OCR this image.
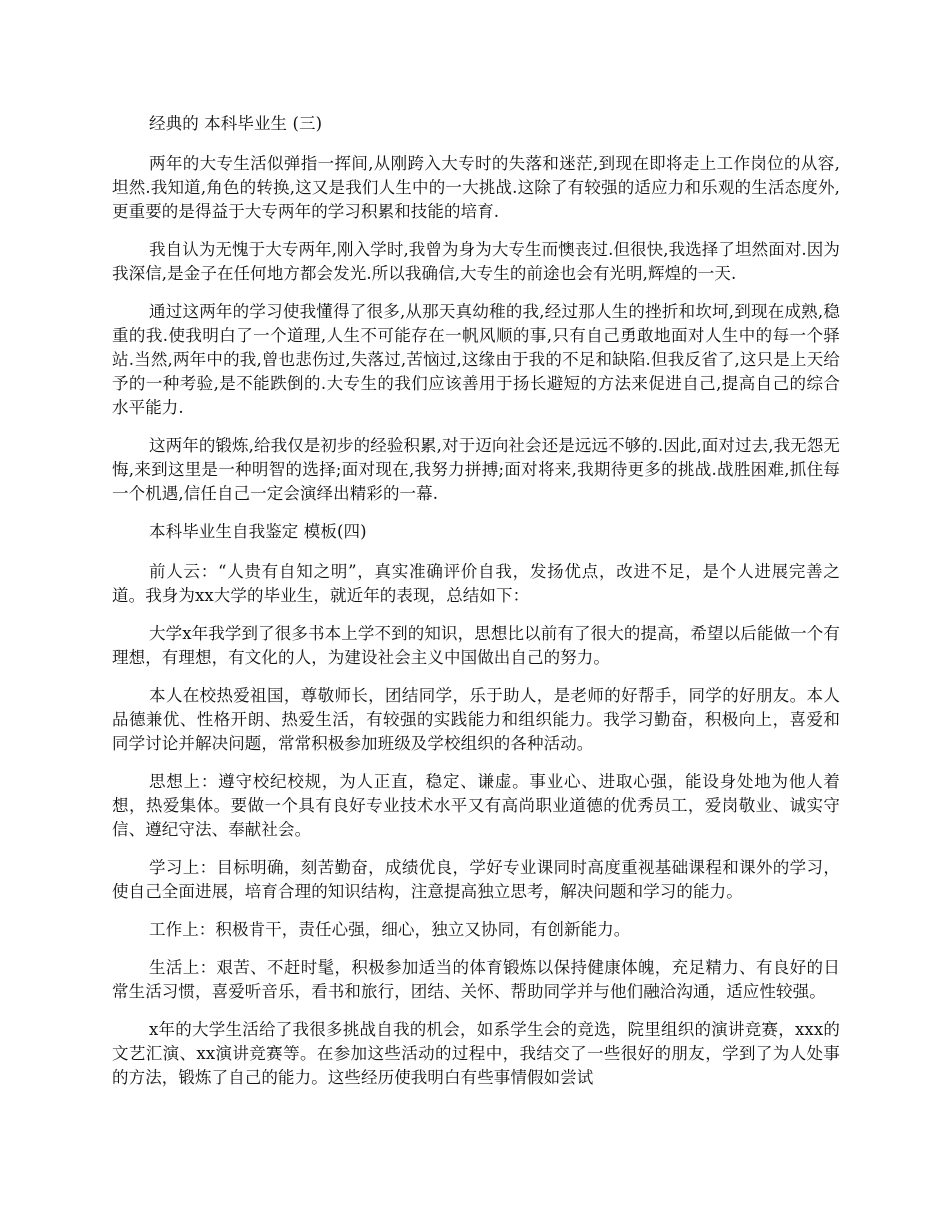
经典的 本科毕业生 (三)

两年的大专生活似弹指一挥间,从刚跨入大专时的失落和迷茫,到现在即将走上工作岗位的从容,坦然.我知道,角色的转换,这又是我们人生中的一大挑战.这除了有较强的适应力和乐观的生活态度外,更重要的是得益于大专两年的学习积累和技能的培育.

我自认为无愧于大专两年,刚入学时,我曾为身为大专生而懊丧过.但很快,我选择了坦然面对.因为我深信,是金子在任何地方都会发光.所以我确信,大专生的前途也会有光明,辉煌的一天.

通过这两年的学习使我懂得了很多,从那天真幼稚的我,经过那人生的挫折和坎坷,到现在成熟,稳重的我.使我明白了一个道理,人生不可能存在一帆风顺的事,只有自己勇敢地面对人生中的每一个驿站.当然,两年中的我,曾也悲伤过,失落过,苦恼过,这缘由于我的不足和缺陷.但我反省了,这只是上天给予的一种考验,是不能跌倒的.大专生的我们应该善用于扬长避短的方法来促进自己,提高自己的综合水平能力.

这两年的锻炼,给我仅是初步的经验积累,对于迈向社会还是远远不够的.因此,面对过去,我无怨无悔,来到这里是一种明智的选择;面对现在,我努力拼搏;面对将来,我期待更多的挑战.战胜困难,抓住每一个机遇,信任自己一定会演绎出精彩的一幕.

本科毕业生自我鉴定 模板(四)

前人云：“人贵有自知之明”，真实准确评价自我，发扬优点，改进不足，是个人进展完善之道。我身为xx大学的毕业生，就近年的表现，总结如下：

大学x年我学到了很多书本上学不到的知识，思想比以前有了很大的提高，希望以后能做一个有理想，有理想，有文化的人，为建设社会主义中国做出自己的努力。

本人在校热爱祖国，尊敬师长，团结同学，乐于助人，是老师的好帮手，同学的好朋友。本人品德兼优、性格开朗、热爱生活，有较强的实践能力和组织能力。我学习勤奋，积极向上，喜爱和同学讨论并解决问题，常常积极参加班级及学校组织的各种活动。

思想上：遵守校纪校规，为人正直，稳定、谦虚。事业心、进取心强，能设身处地为他人着想，热爱集体。要做一个具有良好专业技术水平又有高尚职业道德的优秀员工，爱岗敬业、诚实守信、遵纪守法、奉献社会。

学习上：目标明确，刻苦勤奋，成绩优良，学好专业课同时高度重视基础课程和课外的学习，使自己全面进展，培育合理的知识结构，注意提高独立思考，解决问题和学习的能力。

工作上：积极肯干，责任心强，细心，独立又协同，有创新能力。

生活上：艰苦、不赶时髦，积极参加适当的体育锻炼以保持健康体魄，充足精力、有良好的日常生活习惯，喜爱听音乐，看书和旅行，团结、关怀、帮助同学并与他们融洽沟通，适应性较强。

x年的大学生活给了我很多挑战自我的机会，如系学生会的竞选，院里组织的演讲竞赛，xxx的文艺汇演、xx演讲竞赛等。在参加这些活动的过程中，我结交了一些很好的朋友，学到了为人处事的方法，锻炼了自己的能力。这些经历使我明白有些事情假如尝试
